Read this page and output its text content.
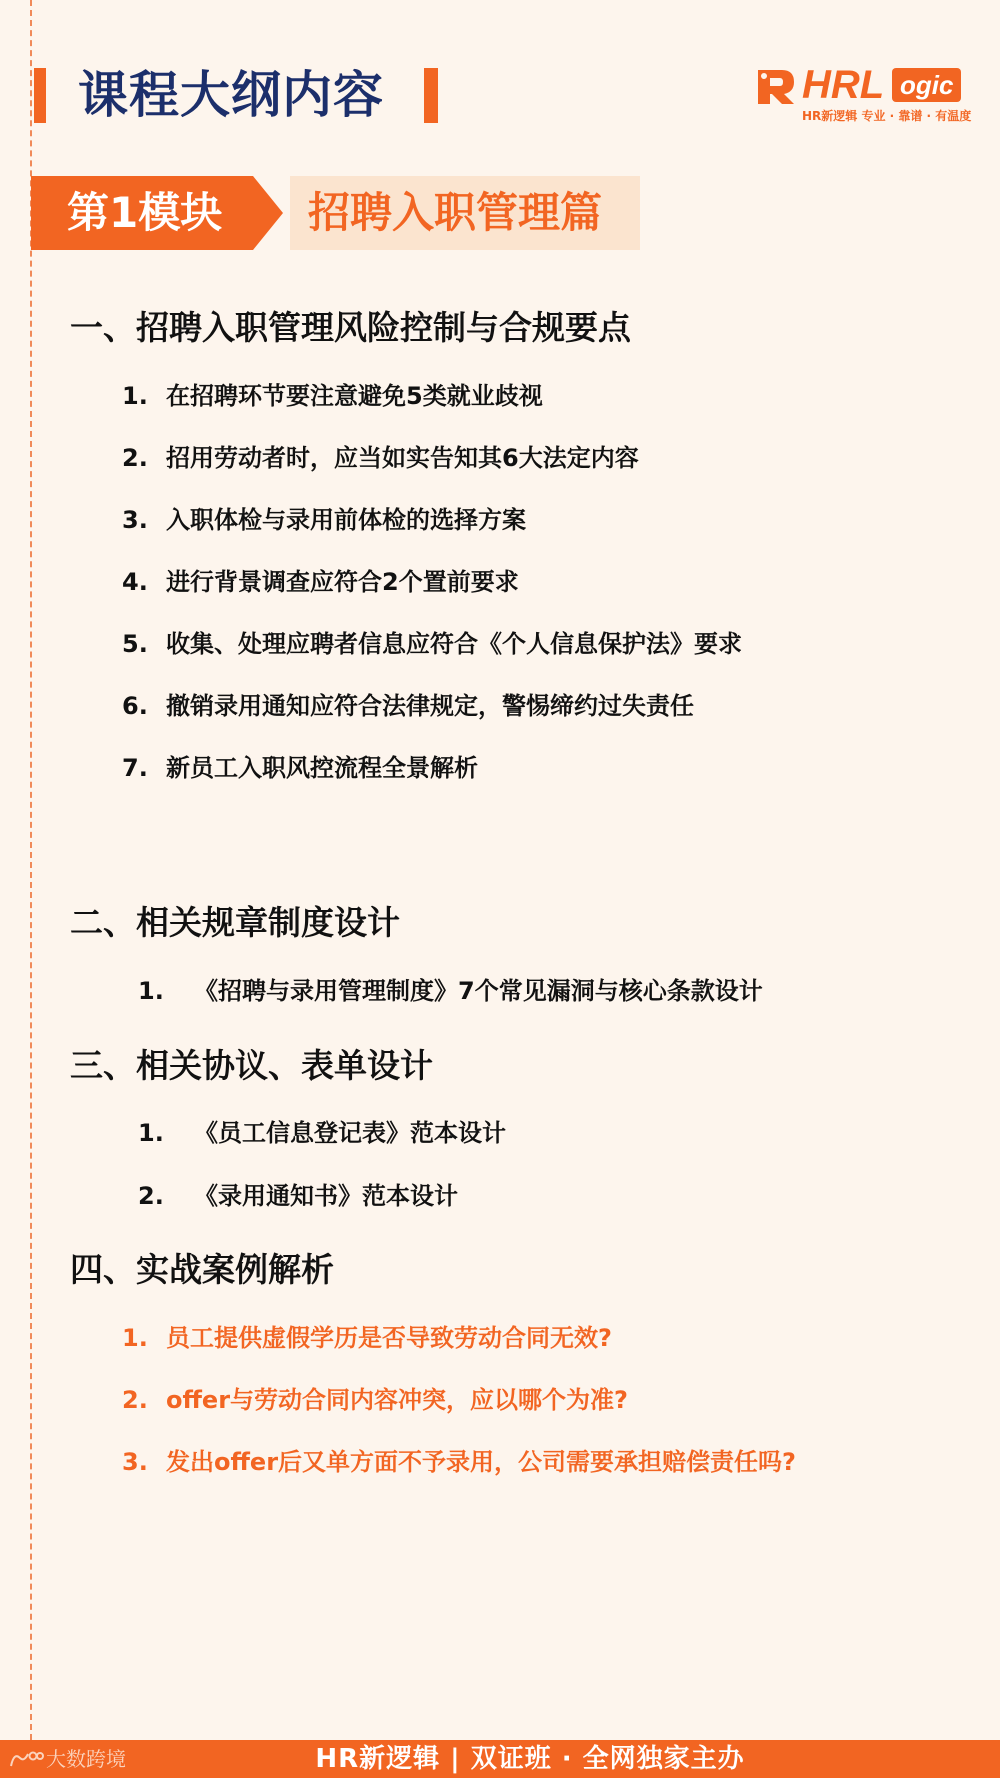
课程大纲内容	HRL ogic
HR新逻辑 专业 · 靠谱 · 有温度
第1模块	招聘入职管理篇
一、招聘入职管理风险控制与合规要点
1. 在招聘环节要注意避免5类就业歧视
2. 招用劳动者时，应当如实告知其6大法定内容
3. 入职体检与录用前体检的选择方案
4. 进行背景调查应符合2个置前要求
5. 收集、处理应聘者信息应符合《个人信息保护法》要求
6. 撤销录用通知应符合法律规定，警惕缔约过失责任
7. 新员工入职风控流程全景解析
二、相关规章制度设计
1. 《招聘与录用管理制度》7个常见漏洞与核心条款设计
三、相关协议、表单设计
1. 《员工信息登记表》范本设计
2. 《录用通知书》范本设计
四、实战案例解析
1. 员工提供虚假学历是否导致劳动合同无效?
2. offer与劳动合同内容冲突，应以哪个为准?
3. 发出offer后又单方面不予录用，公司需要承担赔偿责任吗?
大数跨境	HR新逻辑 | 双证班 · 全网独家主办
